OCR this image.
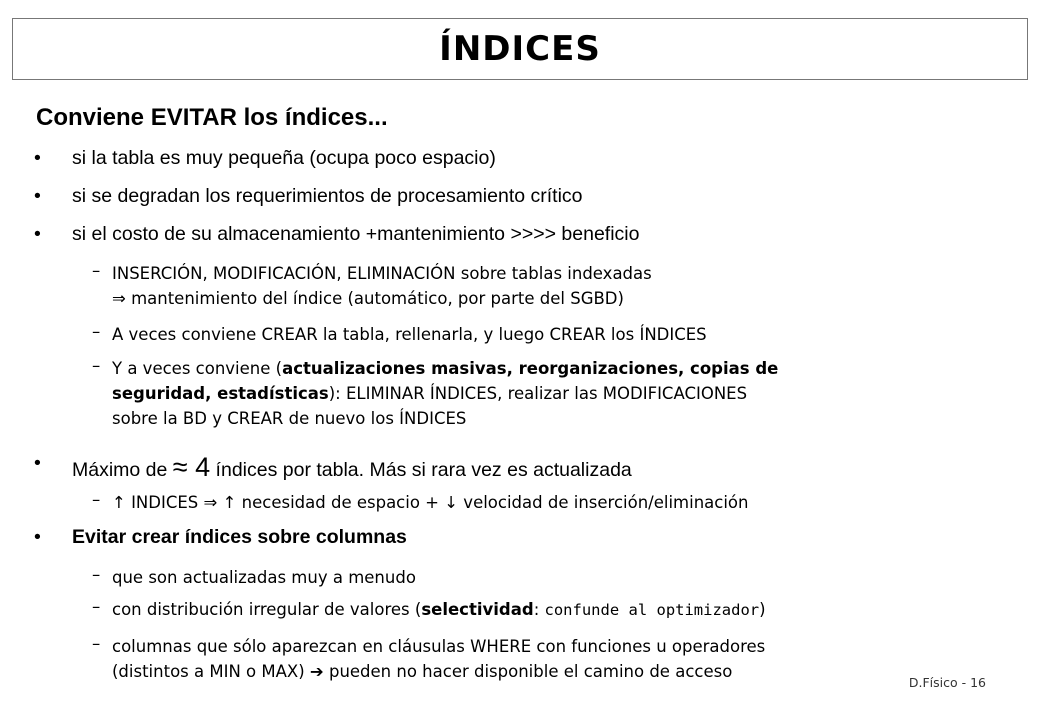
ÍNDICES
Conviene EVITAR los índices...
• si la tabla es muy pequeña (ocupa poco espacio)
• si se degradan los requerimientos de procesamiento crítico
• si el costo de su almacenamiento +mantenimiento >>>> beneficio
– INSERCIÓN, MODIFICACIÓN, ELIMINACIÓN sobre tablas indexadas
⇒ mantenimiento del índice (automático, por parte del SGBD)
– A veces conviene CREAR la tabla, rellenarla, y luego CREAR los ÍNDICES
– Y a veces conviene (actualizaciones masivas, reorganizaciones, copias de
seguridad, estadísticas): ELIMINAR ÍNDICES, realizar las MODIFICACIONES
sobre la BD y CREAR de nuevo los ÍNDICES
• Máximo de ≈ 4 índices por tabla. Más si rara vez es actualizada
– ↑ INDICES ⇒ ↑ necesidad de espacio + ↓ velocidad de inserción/eliminación
• Evitar crear índices sobre columnas
– que son actualizadas muy a menudo
– con distribución irregular de valores (selectividad: confunde al optimizador)
– columnas que sólo aparezcan en cláusulas WHERE con funciones u operadores
(distintos a MIN o MAX) ➔ pueden no hacer disponible el camino de acceso
D.Físico - 16
